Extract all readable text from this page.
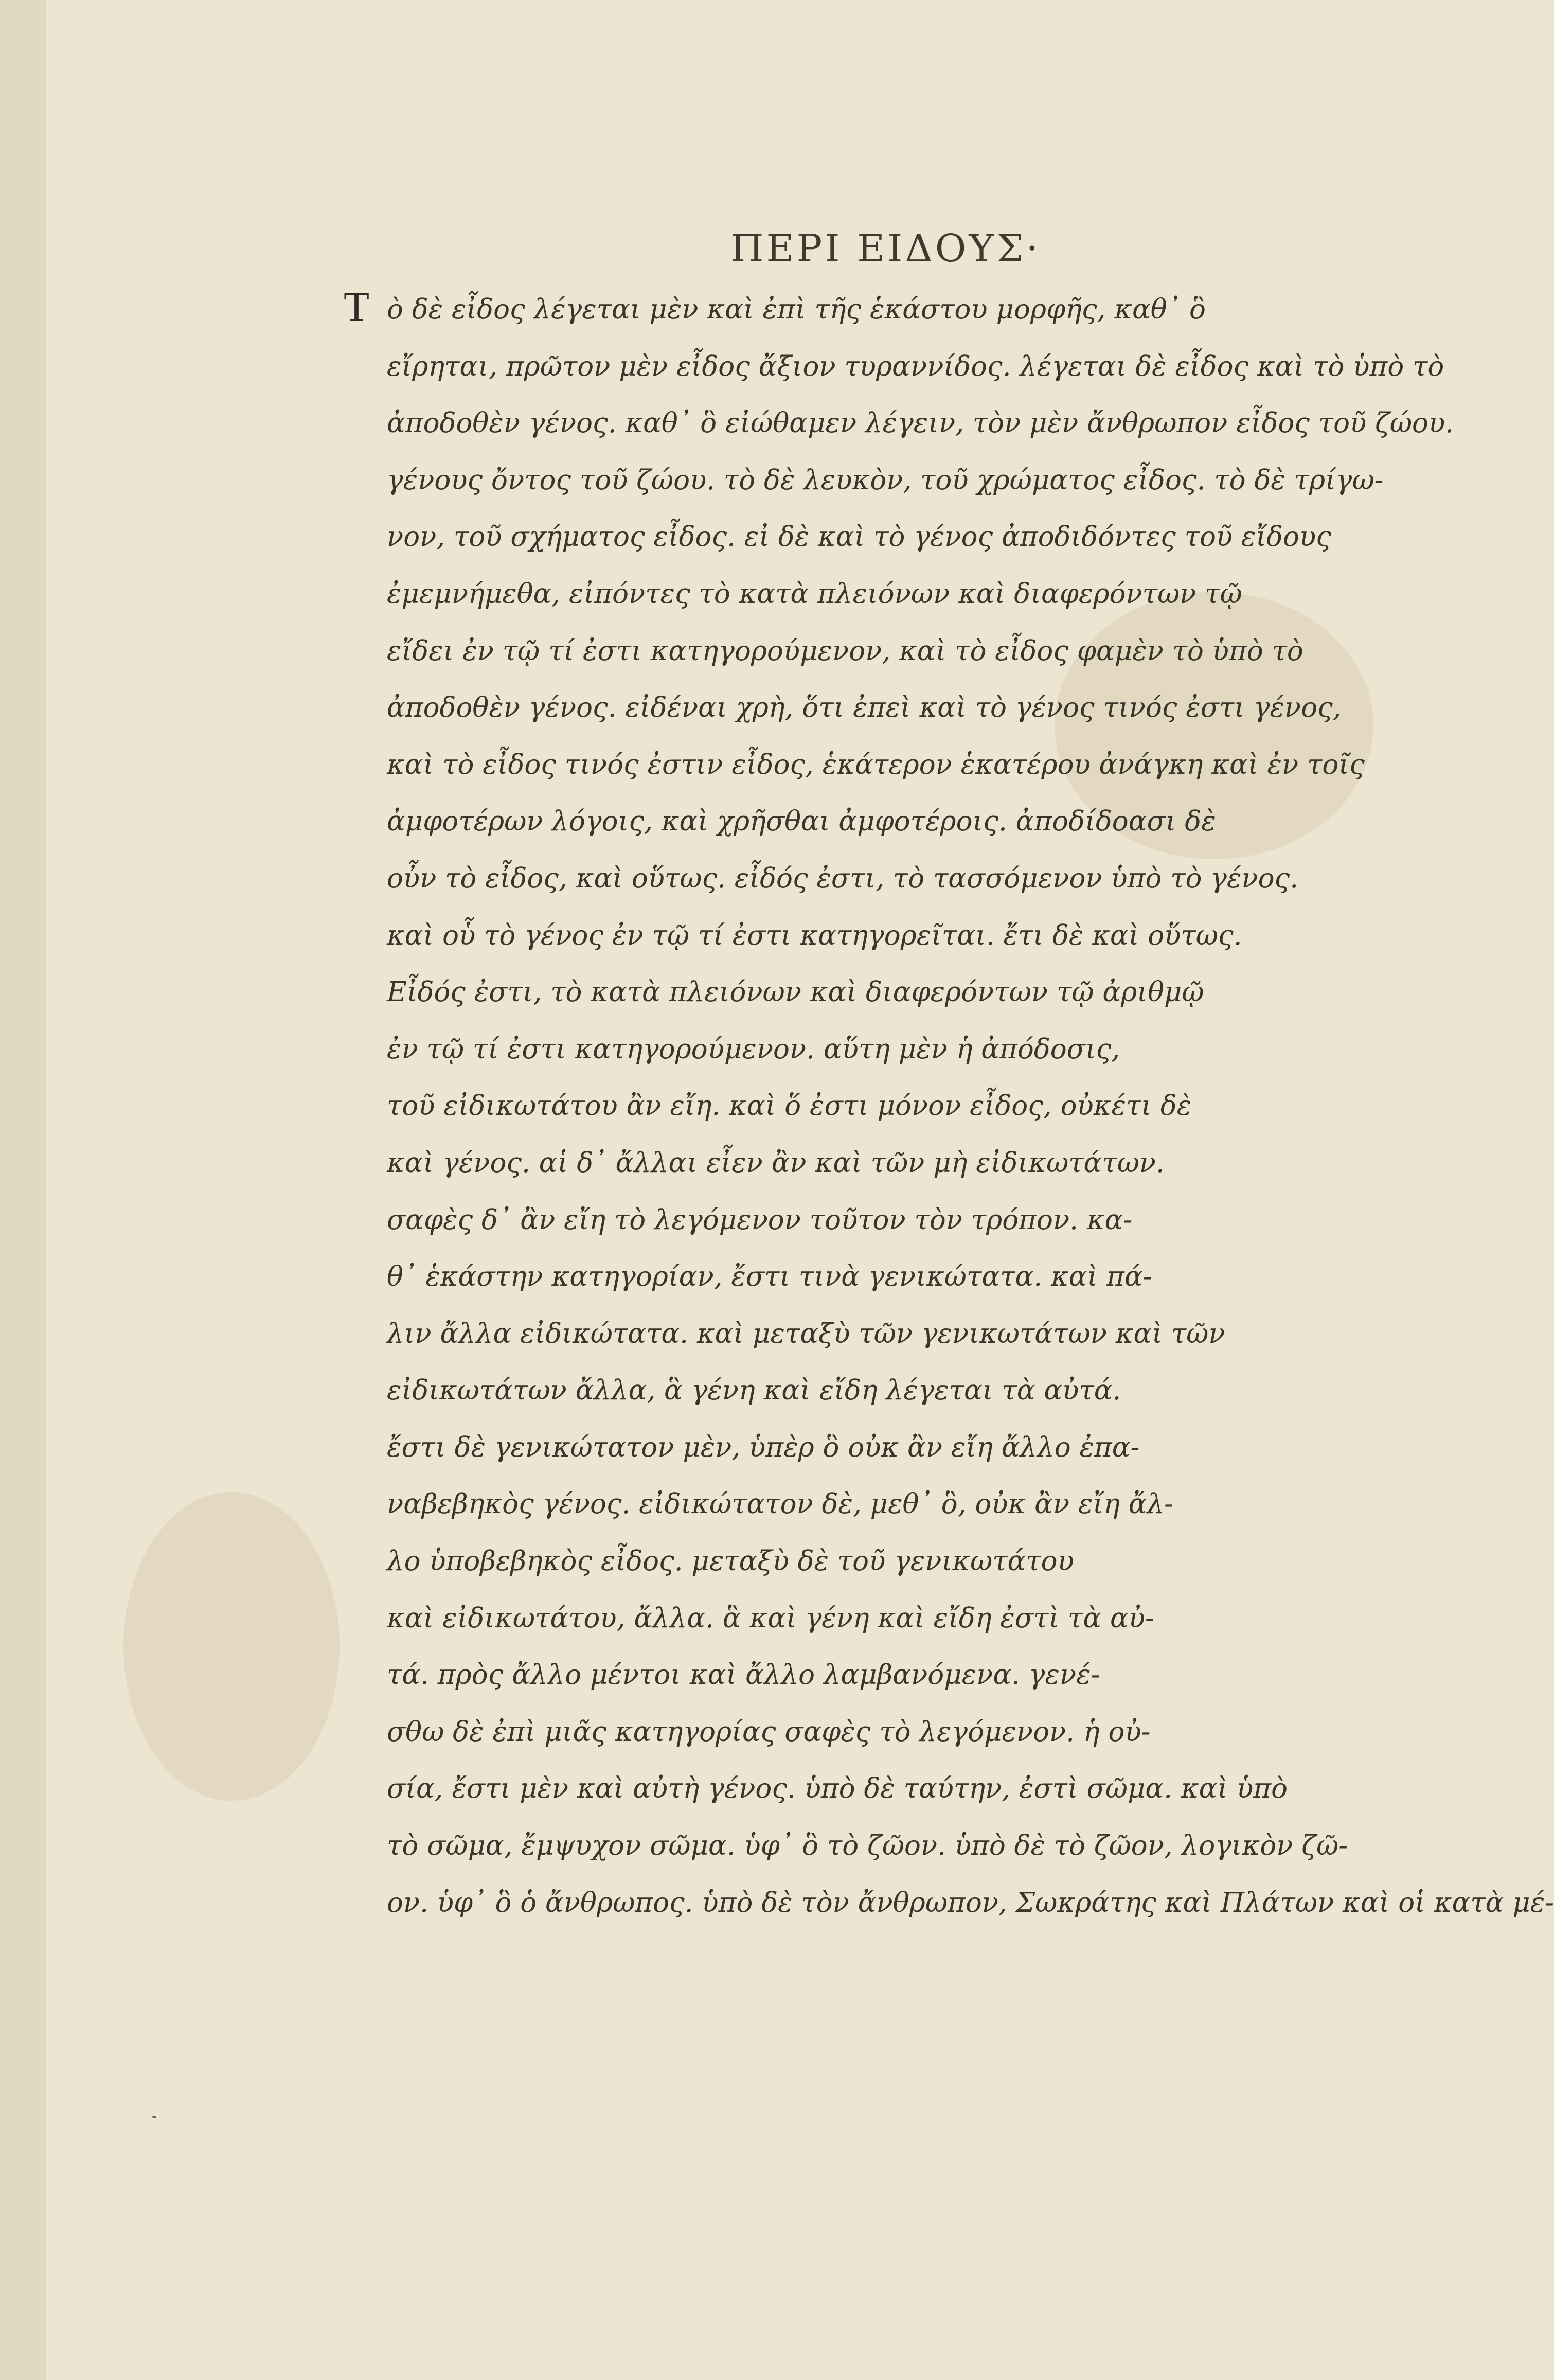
ΠΕΡΙ ΕΙΔΟΥΣ·
Τ ὸ δὲ εἶδος λέγεται μὲν καὶ ἐπὶ τῆς ἑκάστου μορφῆς, καθ᾽ ὃ
εἴρηται, πρῶτον μὲν εἶδος ἄξιον τυραννίδος. λέγεται δὲ εἶδος καὶ τὸ ὑπὸ τὸ
ἀποδοθὲν γένος. καθ᾽ ὃ εἰώθαμεν λέγειν, τὸν μὲν ἄνθρωπον εἶδος τοῦ ζώου.
γένους ὄντος τοῦ ζώου. τὸ δὲ λευκὸν, τοῦ χρώματος εἶδος. τὸ δὲ τρίγω-
νον, τοῦ σχήματος εἶδος. εἰ δὲ καὶ τὸ γένος ἀποδιδόντες τοῦ εἴδους
ἐμεμνήμεθα, εἰπόντες τὸ κατὰ πλειόνων καὶ διαφερόντων τῷ
εἴδει ἐν τῷ τί ἐστι κατηγορούμενον, καὶ τὸ εἶδος φαμὲν τὸ ὑπὸ τὸ
ἀποδοθὲν γένος. εἰδέναι χρὴ, ὅτι ἐπεὶ καὶ τὸ γένος τινός ἐστι γένος,
καὶ τὸ εἶδος τινός ἐστιν εἶδος, ἑκάτερον ἑκατέρου ἀνάγκη καὶ ἐν τοῖς
ἀμφοτέρων λόγοις, καὶ χρῆσθαι ἀμφοτέροις. ἀποδίδοασι δὲ
οὖν τὸ εἶδος, καὶ οὕτως. εἶδός ἐστι, τὸ τασσόμενον ὑπὸ τὸ γένος.
καὶ οὗ τὸ γένος ἐν τῷ τί ἐστι κατηγορεῖται. ἔτι δὲ καὶ οὕτως.
Εἶδός ἐστι, τὸ κατὰ πλειόνων καὶ διαφερόντων τῷ ἀριθμῷ
ἐν τῷ τί ἐστι κατηγορούμενον. αὕτη μὲν ἡ ἀπόδοσις,
τοῦ εἰδικωτάτου ἂν εἴη. καὶ ὅ ἐστι μόνον εἶδος, οὐκέτι δὲ
καὶ γένος. αἱ δ᾽ ἄλλαι εἶεν ἂν καὶ τῶν μὴ εἰδικωτάτων.
σαφὲς δ᾽ ἂν εἴη τὸ λεγόμενον τοῦτον τὸν τρόπον. κα-
θ᾽ ἑκάστην κατηγορίαν, ἔστι τινὰ γενικώτατα. καὶ πά-
λιν ἄλλα εἰδικώτατα. καὶ μεταξὺ τῶν γενικωτάτων καὶ τῶν
εἰδικωτάτων ἄλλα, ἃ γένη καὶ εἴδη λέγεται τὰ αὐτά.
ἔστι δὲ γενικώτατον μὲν, ὑπὲρ ὃ οὐκ ἂν εἴη ἄλλο ἐπα-
ναβεβηκὸς γένος. εἰδικώτατον δὲ, μεθ᾽ ὃ, οὐκ ἂν εἴη ἄλ-
λο ὑποβεβηκὸς εἶδος. μεταξὺ δὲ τοῦ γενικωτάτου
καὶ εἰδικωτάτου, ἄλλα. ἃ καὶ γένη καὶ εἴδη ἐστὶ τὰ αὐ-
τά. πρὸς ἄλλο μέντοι καὶ ἄλλο λαμβανόμενα. γενέ-
σθω δὲ ἐπὶ μιᾶς κατηγορίας σαφὲς τὸ λεγόμενον. ἡ οὐ-
σία, ἔστι μὲν καὶ αὐτὴ γένος. ὑπὸ δὲ ταύτην, ἐστὶ σῶμα. καὶ ὑπὸ
τὸ σῶμα, ἔμψυχον σῶμα. ὑφ᾽ ὃ τὸ ζῶον. ὑπὸ δὲ τὸ ζῶον, λογικὸν ζῶ-
ον. ὑφ᾽ ὃ ὁ ἄνθρωπος. ὑπὸ δὲ τὸν ἄνθρωπον, Σωκράτης καὶ Πλάτων καὶ οἱ κατὰ μέ-
